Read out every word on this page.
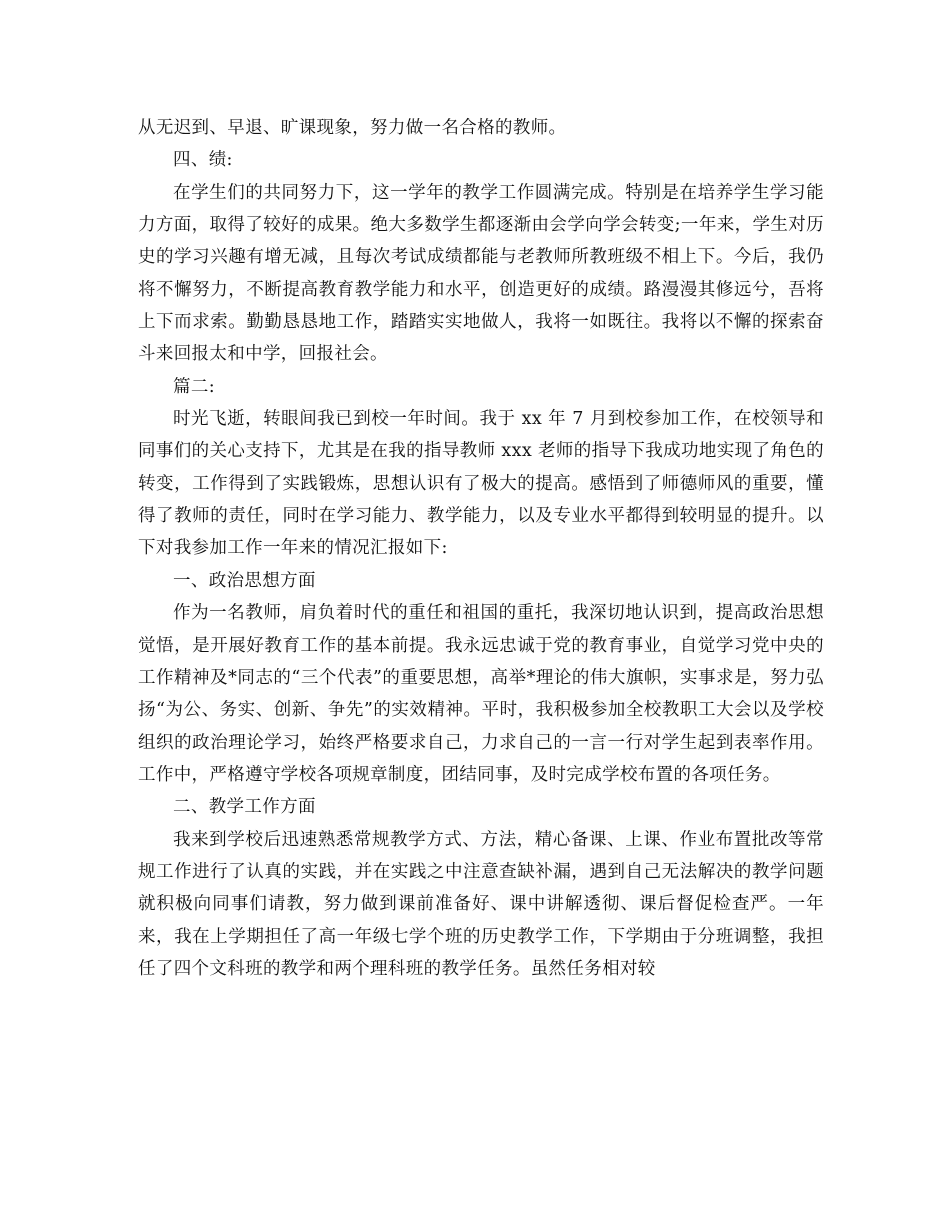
从无迟到、早退、旷课现象，努力做一名合格的教师。

四、绩:

在学生们的共同努力下，这一学年的教学工作圆满完成。特别是在培养学生学习能力方面，取得了较好的成果。绝大多数学生都逐渐由会学向学会转变;一年来，学生对历史的学习兴趣有增无减，且每次考试成绩都能与老教师所教班级不相上下。今后，我仍将不懈努力，不断提高教育教学能力和水平，创造更好的成绩。路漫漫其修远兮，吾将上下而求索。勤勤恳恳地工作，踏踏实实地做人，我将一如既往。我将以不懈的探索奋斗来回报太和中学，回报社会。

篇二:

时光飞逝，转眼间我已到校一年时间。我于 xx 年 7 月到校参加工作，在校领导和同事们的关心支持下，尤其是在我的指导教师 xxx 老师的指导下我成功地实现了角色的转变，工作得到了实践锻炼，思想认识有了极大的提高。感悟到了师德师风的重要，懂得了教师的责任，同时在学习能力、教学能力，以及专业水平都得到较明显的提升。以下对我参加工作一年来的情况汇报如下:

一、政治思想方面

作为一名教师，肩负着时代的重任和祖国的重托，我深切地认识到，提高政治思想觉悟，是开展好教育工作的基本前提。我永远忠诚于党的教育事业，自觉学习党中央的工作精神及*同志的“三个代表”的重要思想，高举*理论的伟大旗帜，实事求是，努力弘扬“为公、务实、创新、争先”的实效精神。平时，我积极参加全校教职工大会以及学校组织的政治理论学习，始终严格要求自己，力求自己的一言一行对学生起到表率作用。工作中，严格遵守学校各项规章制度，团结同事，及时完成学校布置的各项任务。

二、教学工作方面

我来到学校后迅速熟悉常规教学方式、方法，精心备课、上课、作业布置批改等常规工作进行了认真的实践，并在实践之中注意查缺补漏，遇到自己无法解决的教学问题就积极向同事们请教，努力做到课前准备好、课中讲解透彻、课后督促检查严。一年来，我在上学期担任了高一年级七学个班的历史教学工作，下学期由于分班调整，我担任了四个文科班的教学和两个理科班的教学任务。虽然任务相对较
